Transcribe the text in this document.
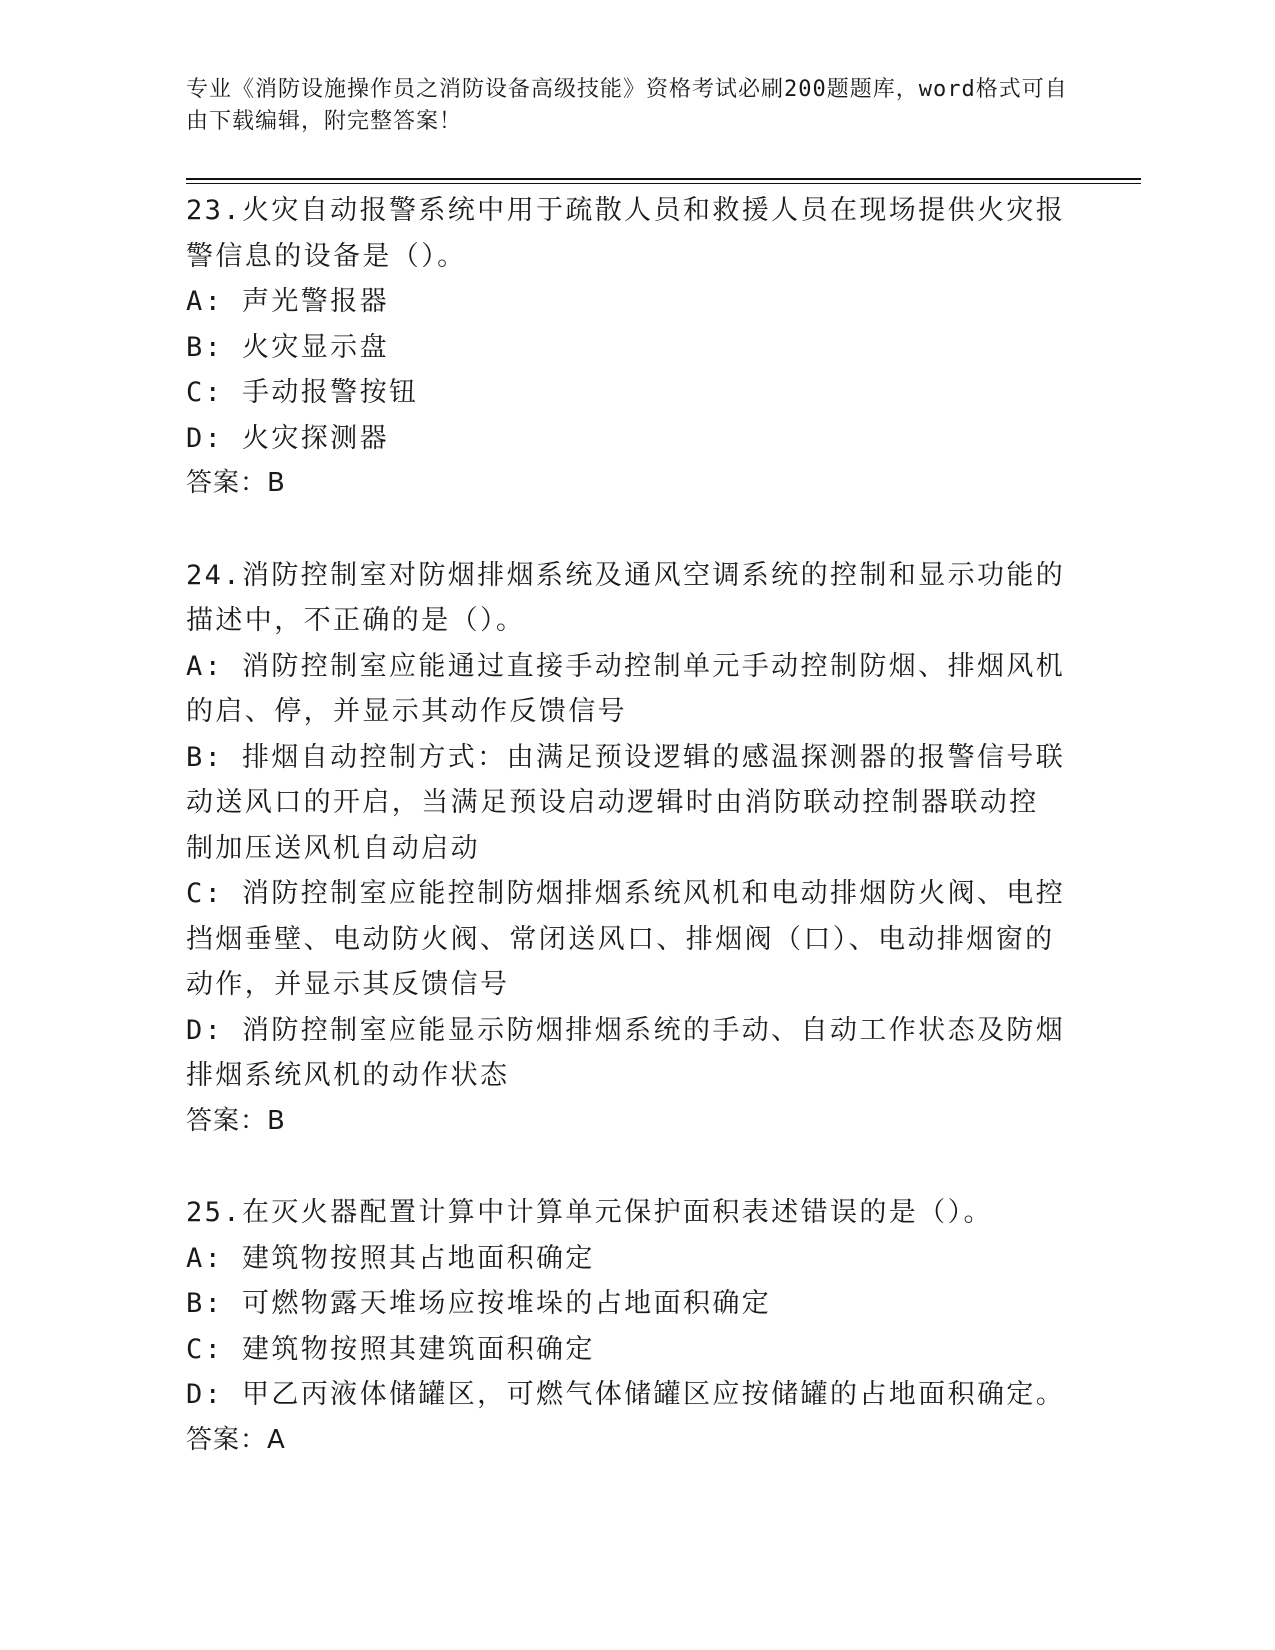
专业《消防设施操作员之消防设备高级技能》资格考试必刷200题题库，word格式可自由下载编辑，附完整答案！

23.火灾自动报警系统中用于疏散人员和救援人员在现场提供火灾报警信息的设备是（）。

A: 声光警报器

B: 火灾显示盘

C: 手动报警按钮

D: 火灾探测器

答案：B

24.消防控制室对防烟排烟系统及通风空调系统的控制和显示功能的描述中，不正确的是（）。

A: 消防控制室应能通过直接手动控制单元手动控制防烟、排烟风机的启、停，并显示其动作反馈信号

B: 排烟自动控制方式：由满足预设逻辑的感温探测器的报警信号联动送风口的开启，当满足预设启动逻辑时由消防联动控制器联动控制加压送风机自动启动

C: 消防控制室应能控制防烟排烟系统风机和电动排烟防火阀、电控挡烟垂壁、电动防火阀、常闭送风口、排烟阀（口）、电动排烟窗的动作，并显示其反馈信号

D: 消防控制室应能显示防烟排烟系统的手动、自动工作状态及防烟排烟系统风机的动作状态

答案：B

25.在灭火器配置计算中计算单元保护面积表述错误的是（）。

A: 建筑物按照其占地面积确定

B: 可燃物露天堆场应按堆垛的占地面积确定

C: 建筑物按照其建筑面积确定

D: 甲乙丙液体储罐区，可燃气体储罐区应按储罐的占地面积确定。

答案：A
